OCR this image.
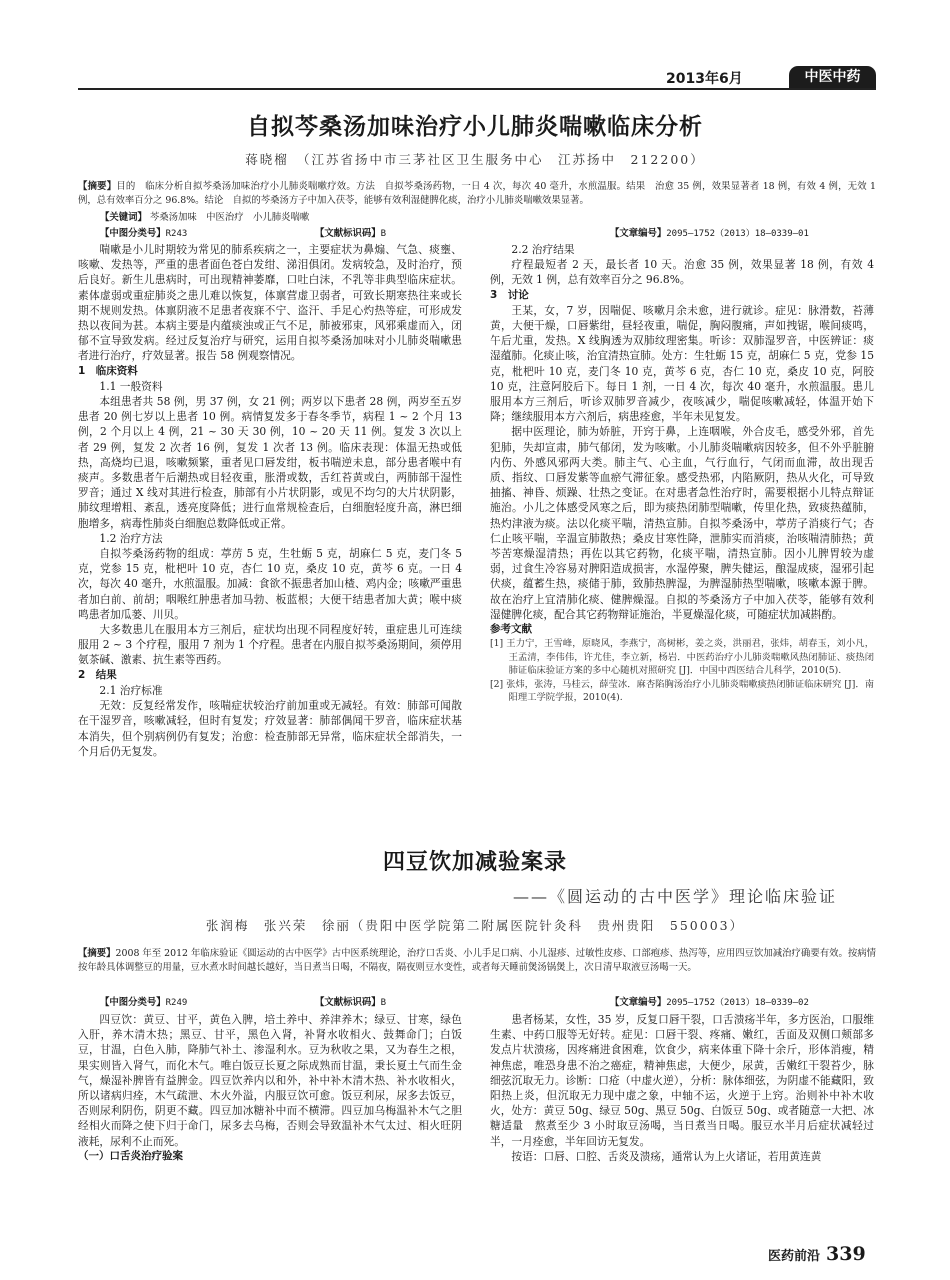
2013年6月	中医中药
自拟芩桑汤加味治疗小儿肺炎喘嗽临床分析
蒋晓榴　（江苏省扬中市三茅社区卫生服务中心　江苏扬中　212200）
【摘要】目的　临床分析自拟芩桑汤加味治疗小儿肺炎喘嗽疗效。方法　自拟芩桑汤药物，一日 4 次，每次 40 毫升，水煎温服。结果　治愈 35 例，效果显著者 18 例，有效 4 例，无效 1 例，总有效率百分之 96.8%。结论　自拟的芩桑汤方子中加入茯苓，能够有效利湿健脾化痰，治疗小儿肺炎喘嗽效果显著。
【关键词】 芩桑汤加味　中医治疗　小儿肺炎喘嗽
【中图分类号】R243	【文献标识码】B	【文章编号】2095—1752（2013）18—0339—01

喘嗽是小儿时期较为常见的肺系疾病之一，主要症状为鼻煽、气急、痰壅、咳嗽、发热等，严重的患者面色苍白发绀、涕泪俱闭。发病较急，及时治疗，预后良好。新生儿患病时，可出现精神萎靡，口吐白沫，不乳等非典型临床症状。素体虚弱或重症肺炎之患儿难以恢复，体禀营虚卫弱者，可致长期寒热往来或长期不规则发热。体禀阴液不足患者夜寐不宁、盗汗、手足心灼热等症，可形成发热以夜间为甚。本病主要是内蕴痰浊或正气不足，肺被邪束，风邪乘虚而入，闭郁不宣导致发病。经过反复治疗与研究，运用自拟芩桑汤加味对小儿肺炎喘嗽患者进行治疗，疗效显著。报告 58 例观察情况。

1　临床资料
1.1 一般资料

本组患者共 58 例，男 37 例，女 21 例；两岁以下患者 28 例，两岁至五岁患者 20 例七岁以上患者 10 例。病情复发多于春冬季节，病程 1 ~ 2 个月 13 例，2 个月以上 4 例，21 ~ 30 天 30 例，10 ~ 20 天 11 例。复发 3 次以上者 29 例，复发 2 次者 16 例，复发 1 次者 13 例。临床表现：体温无热或低热，高烧均已退，咳嗽频繁，重者见口唇发绀，板书喘逆未息，部分患者喉中有痰声。多数患者午后潮热或目轻夜重，胀滑或数，舌红苔黄或白，两肺部干湿性罗音；通过 X 线对其进行检查，肺部有小片状阴影，或见不均匀的大片状阴影，肺纹理增粗、紊乱，透亮度降低；进行血常规检查后，白细胞轻度升高，淋巴细胞增多，病毒性肺炎白细胞总数降低或正常。

1.2 治疗方法

自拟芩桑汤药物的组成：葶苈 5 克，生牡蛎 5 克，胡麻仁 5 克，麦门冬 5 克，党参 15 克，枇杷叶 10 克，杏仁 10 克，桑皮 10 克，黄芩 6 克。一日 4 次，每次 40 毫升，水煎温服。加减：食欲不振患者加山楂、鸡内金；咳嗽严重患者加白前、前胡；咽喉红肿患者加马勃、板蓝根；大便干结患者加大黄；喉中痰鸣患者加瓜蒌、川贝。

大多数患儿在服用本方三剂后，症状均出现不同程度好转，重症患儿可连续服用 2 ~ 3 个疗程，服用 7 剂为 1 个疗程。患者在内服自拟芩桑汤期间，须停用氨茶碱、激素、抗生素等西药。

2　结果
2.1 治疗标准

无效：反复经常发作，咳喘症状较治疗前加重或无减轻。有效：肺部可闻散在干湿罗音，咳嗽减轻，但时有复发；疗效显著：肺部偶闻干罗音，临床症状基本消失，但个别病例仍有复发；治愈：检查肺部无异常，临床症状全部消失，一个月后仍无复发。

2.2 治疗结果

疗程最短者 2 天，最长者 10 天。治愈 35 例，效果显著 18 例，有效 4 例，无效 1 例，总有效率百分之 96.8%。

3　讨论

王某，女，7 岁，因喘促、咳嗽月余未愈，进行就诊。症见：脉滑数，苔薄黄，大便干燥，口唇紫绀，昼轻夜重，喘促，胸闷腹痛，声如拽锯，喉间痰鸣，午后尤重，发热。X 线胸透为双肺纹理密集。听诊：双肺湿罗音，中医辨证：痰湿蕴肺。化痰止咳，治宜清热宣肺。处方：生牡蛎 15 克，胡麻仁 5 克，党参 15 克，枇杷叶 10 克，麦门冬 10 克，黄芩 6 克，杏仁 10 克，桑皮 10 克，阿胶 10 克，注意阿胶后下。每日 1 剂，一日 4 次，每次 40 毫升，水煎温服。患儿服用本方三剂后，听诊双肺罗音减少，夜咳减少，喘促咳嗽减轻，体温开始下降；继续服用本方六剂后，病患痊愈，半年未见复发。

据中医理论，肺为娇脏，开窍于鼻，上连咽喉，外合皮毛，感受外邪，首先犯肺，失却宣肃，肺气郁闭，发为咳嗽。小儿肺炎喘嗽病因较多，但不外乎脏腑内伤、外感风邪两大类。肺主气、心主血，气行血行，气闭而血滞，故出现舌质、指纹、口唇发紫等血瘀气滞征象。感受热邪，内陷厥阴，热从火化，可导致抽搐、神昏、烦躁、壮热之变证。在对患者急性治疗时，需要根据小儿特点辩证施治。小儿之体感受风寒之后，即为痰热闭肺型喘嗽，传里化热，致痰热蕴肺，热灼津液为痰。法以化痰平喘，清热宣肺。自拟芩桑汤中，葶苈子消痰行气；杏仁止咳平喘，辛温宣肺散热；桑皮甘寒性降，泄肺实而消痰，治咳喘清肺热；黄芩苦寒燥湿清热；再佐以其它药物，化痰平喘，清热宣肺。因小儿脾胃较为虚弱，过食生冷容易对脾阳造成损害，水湿停聚，脾失健运，酿湿成痰，湿邪引起伏痰，蕴蓄生热，痰储于肺，致肺热脾湿，为脾湿肺热型喘嗽，咳嗽本源于脾。故在治疗上宜清肺化痰、健脾燥湿。自拟的芩桑汤方子中加入茯苓，能够有效利湿健脾化痰，配合其它药物辩证施治，半夏燥湿化痰，可随症状加减斟酌。

参考文献

[1] 王力宁，王雪峰，原晓风，李燕宁，高树彬，姜之炎，洪丽君，张炜，胡春玉，刘小凡，王孟清，李伟伟，许尤佳，李立新，杨岩．中医药治疗小儿肺炎喘嗽风热闭肺证、痰热闭肺证临床验证方案的多中心随机对照研究 [J]．中国中西医结合儿科学，2010(5).

[2] 张炜，张涛，马桂云，薛莹冰．麻杏陷胸汤治疗小儿肺炎喘嗽痰热闭肺证临床研究 [J]．南阳理工学院学报，2010(4).

四豆饮加减验案录
——《圆运动的古中医学》理论临床验证
张润梅　张兴荣　徐丽（贵阳中医学院第二附属医院针灸科　贵州贵阳　550003）
【摘要】2008 年至 2012 年临床验证《圆运动的古中医学》古中医系统理论，治疗口舌炎、小儿手足口病、小儿湿疹、过敏性皮疹、口部疱疹、热泻等，应用四豆饮加减治疗确要有效。按病情按年龄具体调整豆的用量，豆水煮水时间越长越好，当日煮当日喝，不隔夜，隔夜则豆水变性，或者每天睡前煲汤锅煲上，次日清早取液豆汤喝一天。
【中图分类号】R249	【文献标识码】B	【文章编号】2095—1752（2013）18—0339—02

四豆饮：黄豆、甘平，黄色入脾，培土养中、养津养木；绿豆、甘寒，绿色入肝，养木清木热；黑豆、甘平，黑色入肾，补肾水收相火、鼓舞命门；白饭豆，甘温，白色入肺，降肺气补土、渗湿利水。豆为秋收之果，又为春生之根，果实则皆入肾气，而化木气。唯白饭豆长夏之际成熟而甘温，秉长夏土气而生金气，燥湿补脾皆有益脾金。四豆饮养内以和外，补中补木清木热、补水收相火，所以诸病归痊，木气疏泄、木火外溢，内服豆饮可愈。饭豆利尿，尿多去饭豆，否则尿利阴伤，阴更不藏。四豆加冰糖补中而不横滞。四豆加乌梅温补木气之胆经相火而降之使下归于命门，尿多去乌梅，否则会导致温补木气太过、相火旺阴液耗，尿利不止而死。

（一）口舌炎治疗验案

患者杨某，女性，35 岁，反复口唇干裂，口舌溃疡半年，多方医治，口服维生素、中药口服等无好转。症见：口唇干裂、疼痛、嫩红，舌面及双侧口颊部多发点片状溃疡，因疼痛进食困难，饮食少，病来体重下降十余斤，形体消瘦，精神焦虑，唯恐身患不治之癌症，精神焦虑，大便少，尿黄，舌嫩红干裂苔少，脉细弦沉取无力。诊断：口疮（中虚火逆），分析：脉体细弦，为阴虚不能藏阳，致阳热上炎，但沉取无力现中虚之象，中轴不运，火逆于上窍。治则补中补木收火，处方：黄豆 50g、绿豆 50g、黑豆 50g、白饭豆 50g、或者随意一大把、冰糖适量　熬煮至少 3 小时取豆汤喝，当日煮当日喝。服豆水半月后症状减轻过半，一月痊愈，半年回访无复发。

按语：口唇、口腔、舌炎及溃疡，通常认为上火诸证，若用黄连黄

医药前沿 339
